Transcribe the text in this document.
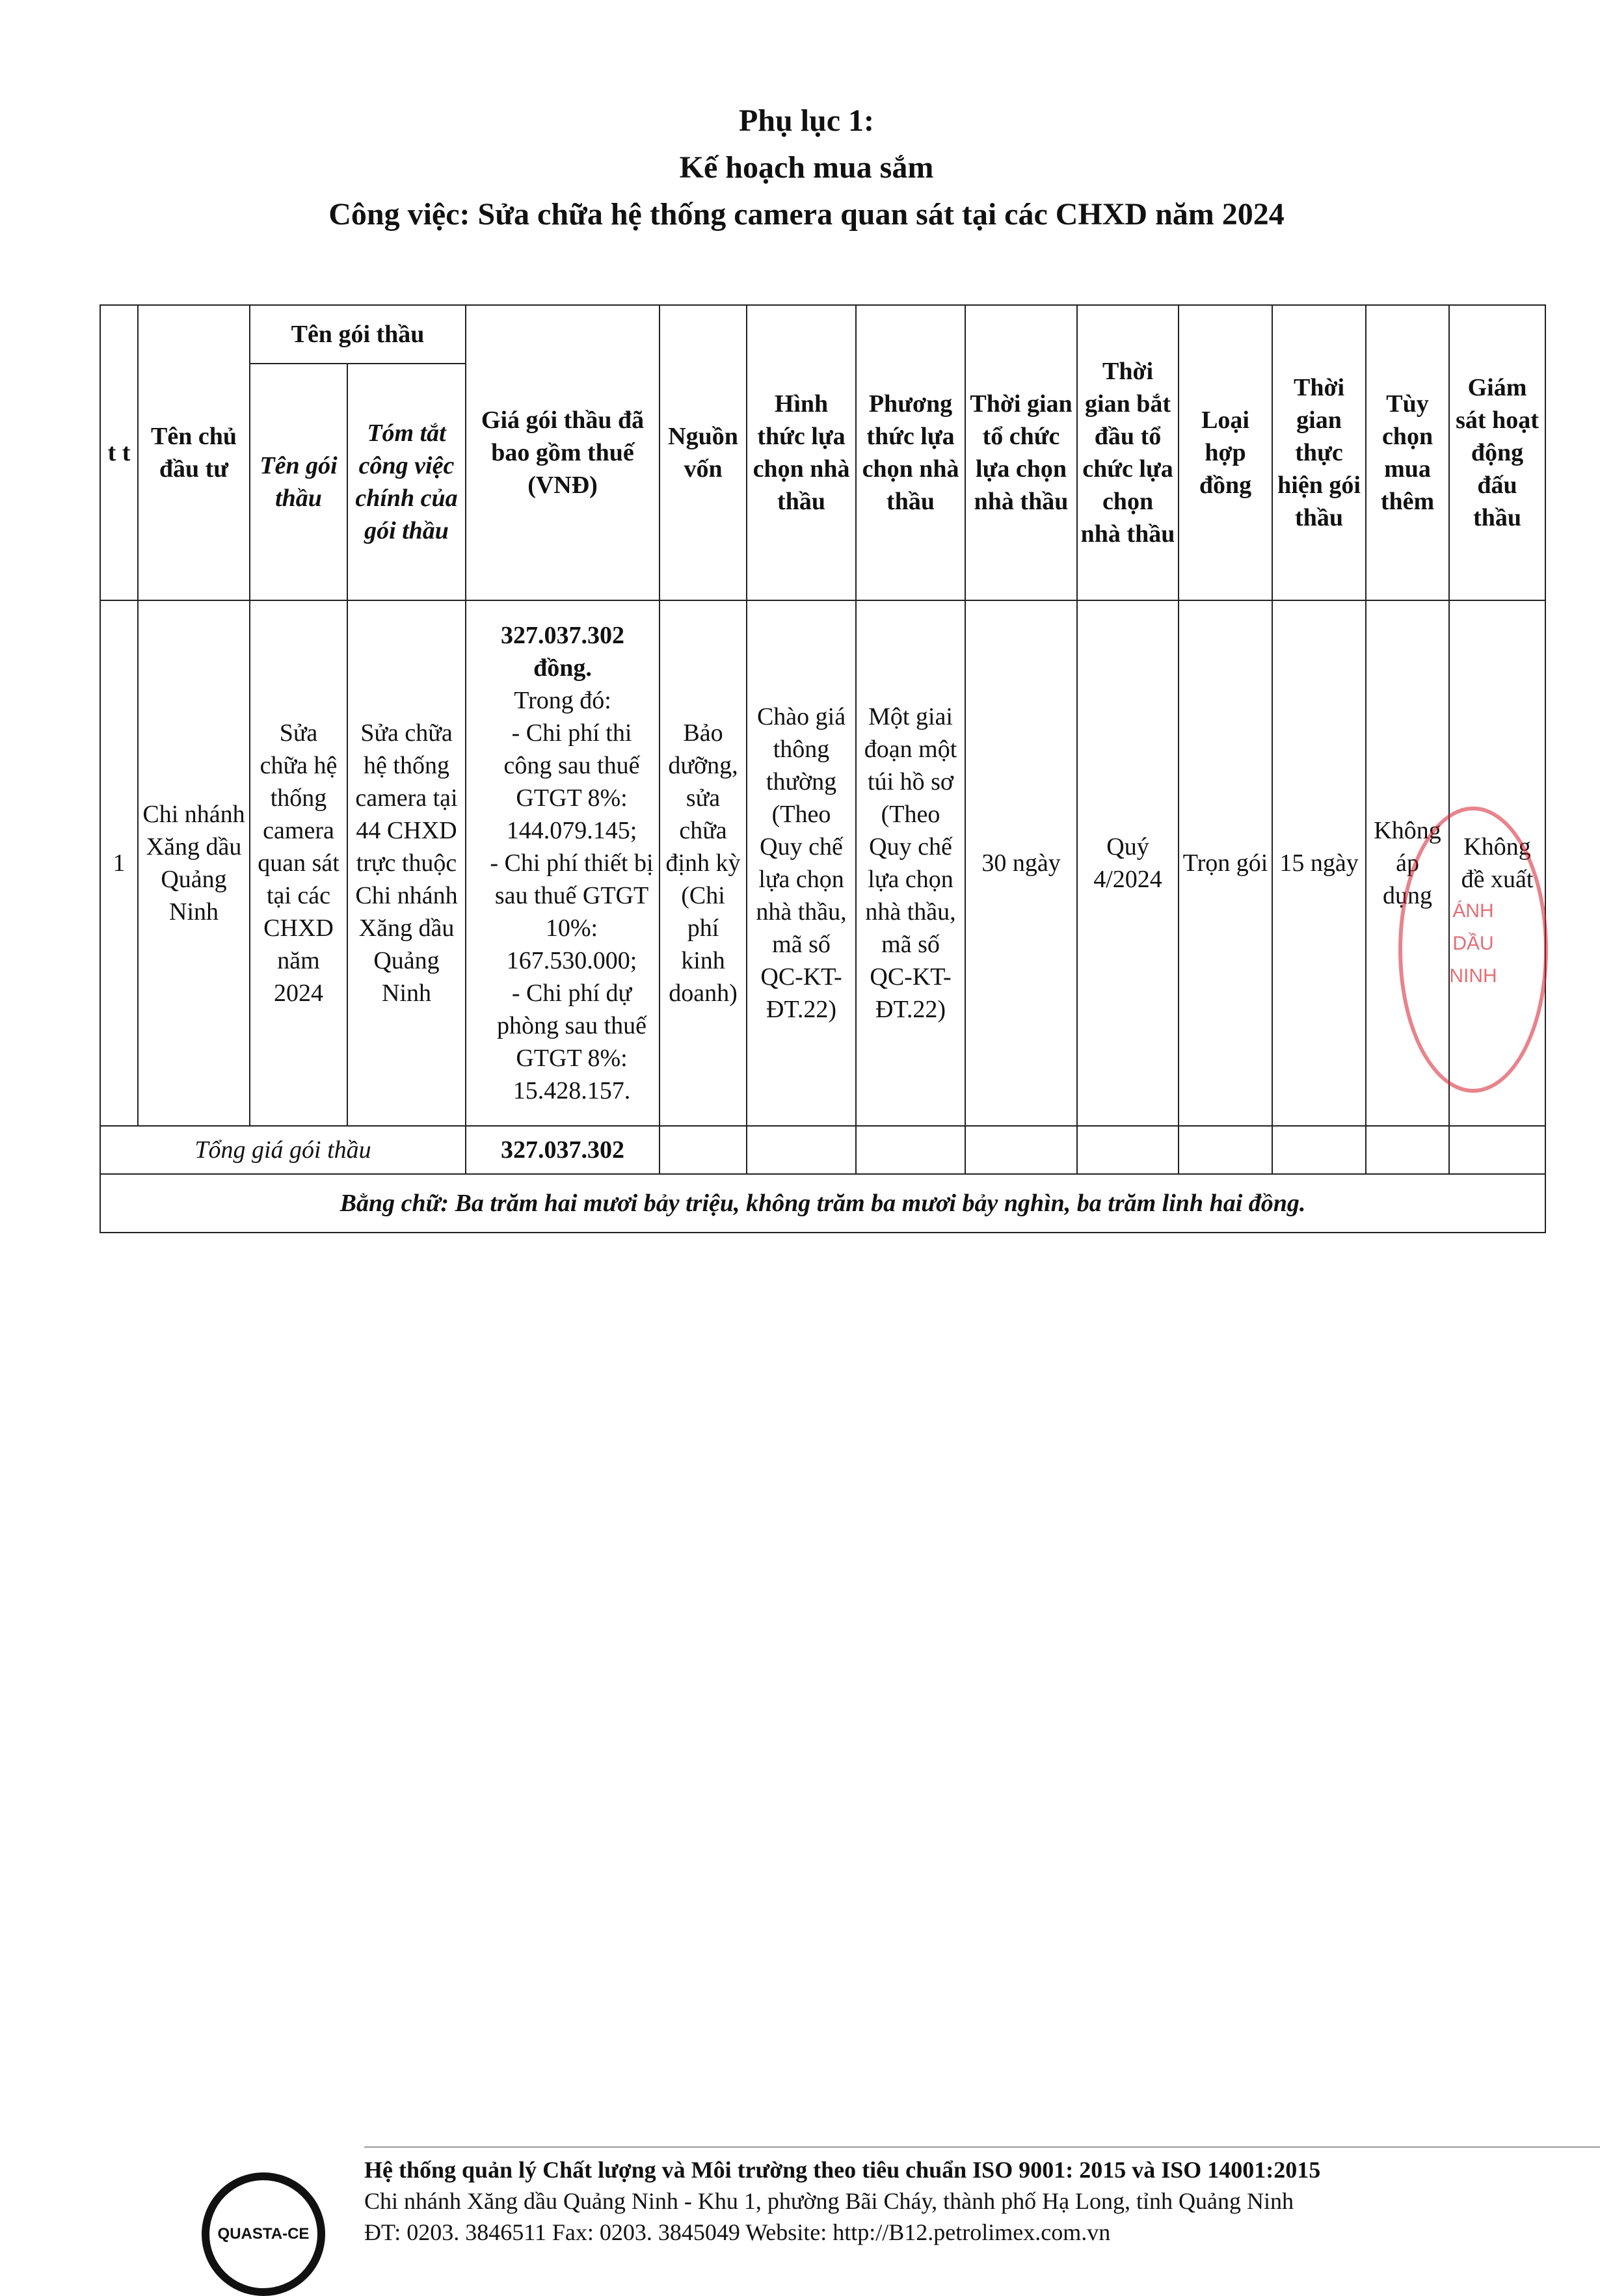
Phụ lục 1:
Kế hoạch mua sắm
Công việc: Sửa chữa hệ thống camera quan sát tại các CHXD năm 2024
t t	Tên chủ đầu tư	Tên gói thầu		Giá gói thầu đã bao gồm thuế (VNĐ)	Nguồn vốn	Hình thức lựa chọn nhà thầu	Phương thức lựa chọn nhà thầu	Thời gian tổ chức lựa chọn nhà thầu	Thời gian bắt đầu tổ chức lựa chọn nhà thầu	Loại hợp đồng	Thời gian thực hiện gói thầu	Tùy chọn mua thêm	Giám sát hoạt động đấu thầu
		Tên gói thầu	Tóm tắt công việc chính của gói thầu										
1	Chi nhánh Xăng dầu Quảng Ninh	Sửa chữa hệ thống camera quan sát tại các CHXD năm 2024	Sửa chữa hệ thống camera tại 44 CHXD trực thuộc Chi nhánh Xăng dầu Quảng Ninh	327.037.302 đồng.
Trong đó:
- Chi phí thi công sau thuế GTGT 8%: 144.079.145;
- Chi phí thiết bị sau thuế GTGT 10%: 167.530.000;
- Chi phí dự phòng sau thuế GTGT 8%: 15.428.157.	Bảo dưỡng, sửa chữa định kỳ (Chi phí kinh doanh)	Chào giá thông thường (Theo Quy chế lựa chọn nhà thầu, mã số QC-KT-ĐT.22)	Một giai đoạn một túi hồ sơ (Theo Quy chế lựa chọn nhà thầu, mã số QC-KT-ĐT.22)	30 ngày	Quý 4/2024	Trọn gói	15 ngày	Không áp dụng	Không đề xuất
Tổng giá gói thầu				327.037.302									
Bằng chữ: Ba trăm hai mươi bảy triệu, không trăm ba mươi bảy nghìn, ba trăm linh hai đồng.													
ÁNH
DẦU
NINH
QUASTA-CE
Hệ thống quản lý Chất lượng và Môi trường theo tiêu chuẩn ISO 9001: 2015 và ISO 14001:2015
Chi nhánh Xăng dầu Quảng Ninh - Khu 1, phường Bãi Cháy, thành phố Hạ Long, tỉnh Quảng Ninh
ĐT: 0203. 3846511 Fax: 0203. 3845049 Website: http://B12.petrolimex.com.vn
